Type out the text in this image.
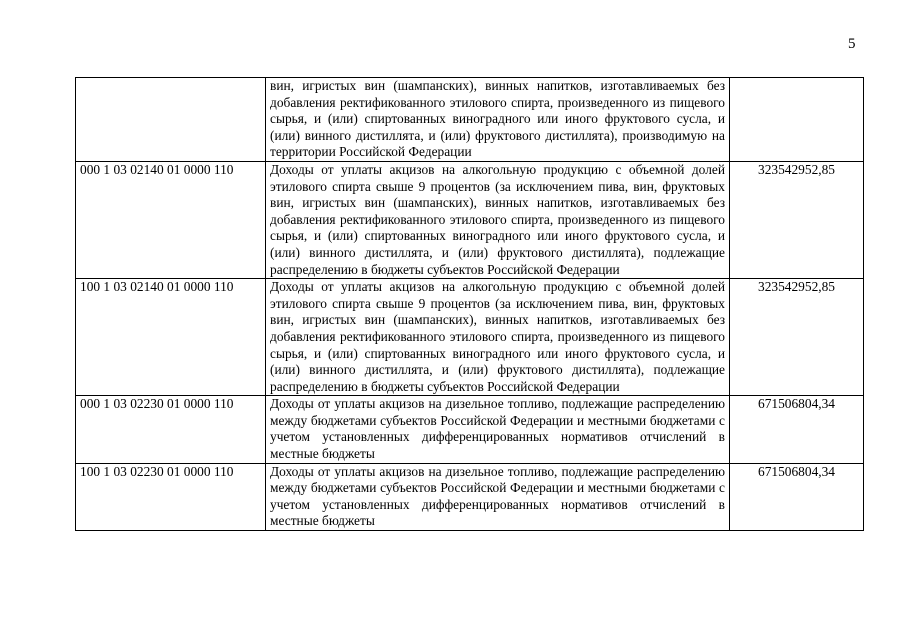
5
	вин, игристых вин (шампанских), винных напитков, изготавливаемых без добавления ректификованного этилового спирта, произведенного из пищевого сырья, и (или) спиртованных виноградного или иного фруктового сусла, и (или) винного дистиллята, и (или) фруктового дистиллята), производимую на территории Российской Федерации	
000 1 03 02140 01 0000 110	Доходы от уплаты акцизов на алкогольную продукцию с объемной долей этилового спирта свыше 9 процентов (за исключением пива, вин, фруктовых вин, игристых вин (шампанских), винных напитков, изготавливаемых без добавления ректификованного этилового спирта, произведенного из пищевого сырья, и (или) спиртованных виноградного или иного фруктового сусла, и (или) винного дистиллята, и (или) фруктового дистиллята), подлежащие распределению в бюджеты субъектов Российской Федерации	323542952,85
100 1 03 02140 01 0000 110	Доходы от уплаты акцизов на алкогольную продукцию с объемной долей этилового спирта свыше 9 процентов (за исключением пива, вин, фруктовых вин, игристых вин (шампанских), винных напитков, изготавливаемых без добавления ректификованного этилового спирта, произведенного из пищевого сырья, и (или) спиртованных виноградного или иного фруктового сусла, и (или) винного дистиллята, и (или) фруктового дистиллята), подлежащие распределению в бюджеты субъектов Российской Федерации	323542952,85
000 1 03 02230 01 0000 110	Доходы от уплаты акцизов на дизельное топливо, подлежащие распределению между бюджетами субъектов Российской Федерации и местными бюджетами с учетом установленных дифференцированных нормативов отчислений в местные бюджеты	671506804,34
100 1 03 02230 01 0000 110	Доходы от уплаты акцизов на дизельное топливо, подлежащие распределению между бюджетами субъектов Российской Федерации и местными бюджетами с учетом установленных дифференцированных нормативов отчислений в местные бюджеты	671506804,34
